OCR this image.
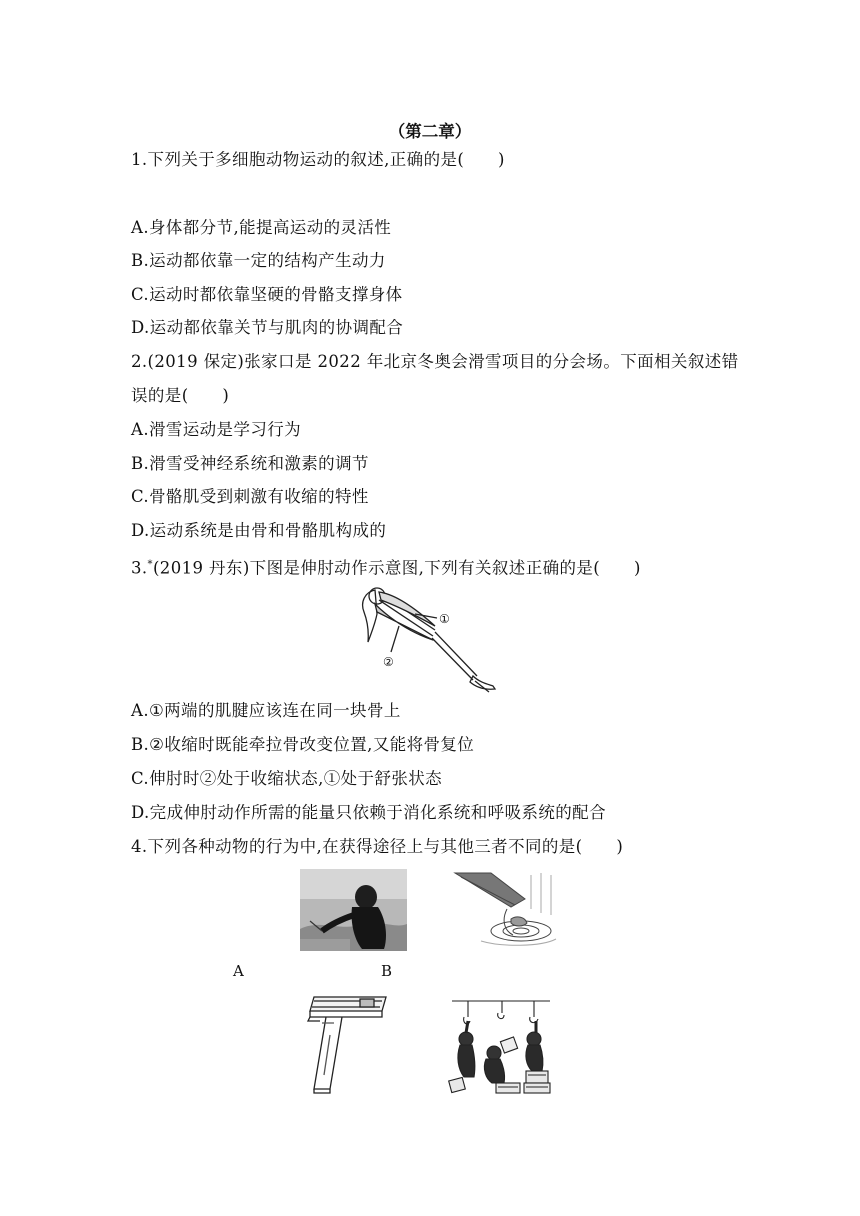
（第二章）
1.下列关于多细胞动物运动的叙述,正确的是(　　)
A.身体都分节,能提高运动的灵活性
B.运动都依靠一定的结构产生动力
C.运动时都依靠坚硬的骨骼支撑身体
D.运动都依靠关节与肌肉的协调配合
2.(2019 保定)张家口是 2022 年北京冬奥会滑雪项目的分会场。下面相关叙述错
误的是(　　)
A.滑雪运动是学习行为
B.滑雪受神经系统和激素的调节
C.骨骼肌受到刺激有收缩的特性
D.运动系统是由骨和骨骼肌构成的
3.*(2019 丹东)下图是伸肘动作示意图,下列有关叙述正确的是(　　)
①
②
A.①两端的肌腱应该连在同一块骨上
B.②收缩时既能牵拉骨改变位置,又能将骨复位
C.伸肘时②处于收缩状态,①处于舒张状态
D.完成伸肘动作所需的能量只依赖于消化系统和呼吸系统的配合
4.下列各种动物的行为中,在获得途径上与其他三者不同的是(　　)
A	B
